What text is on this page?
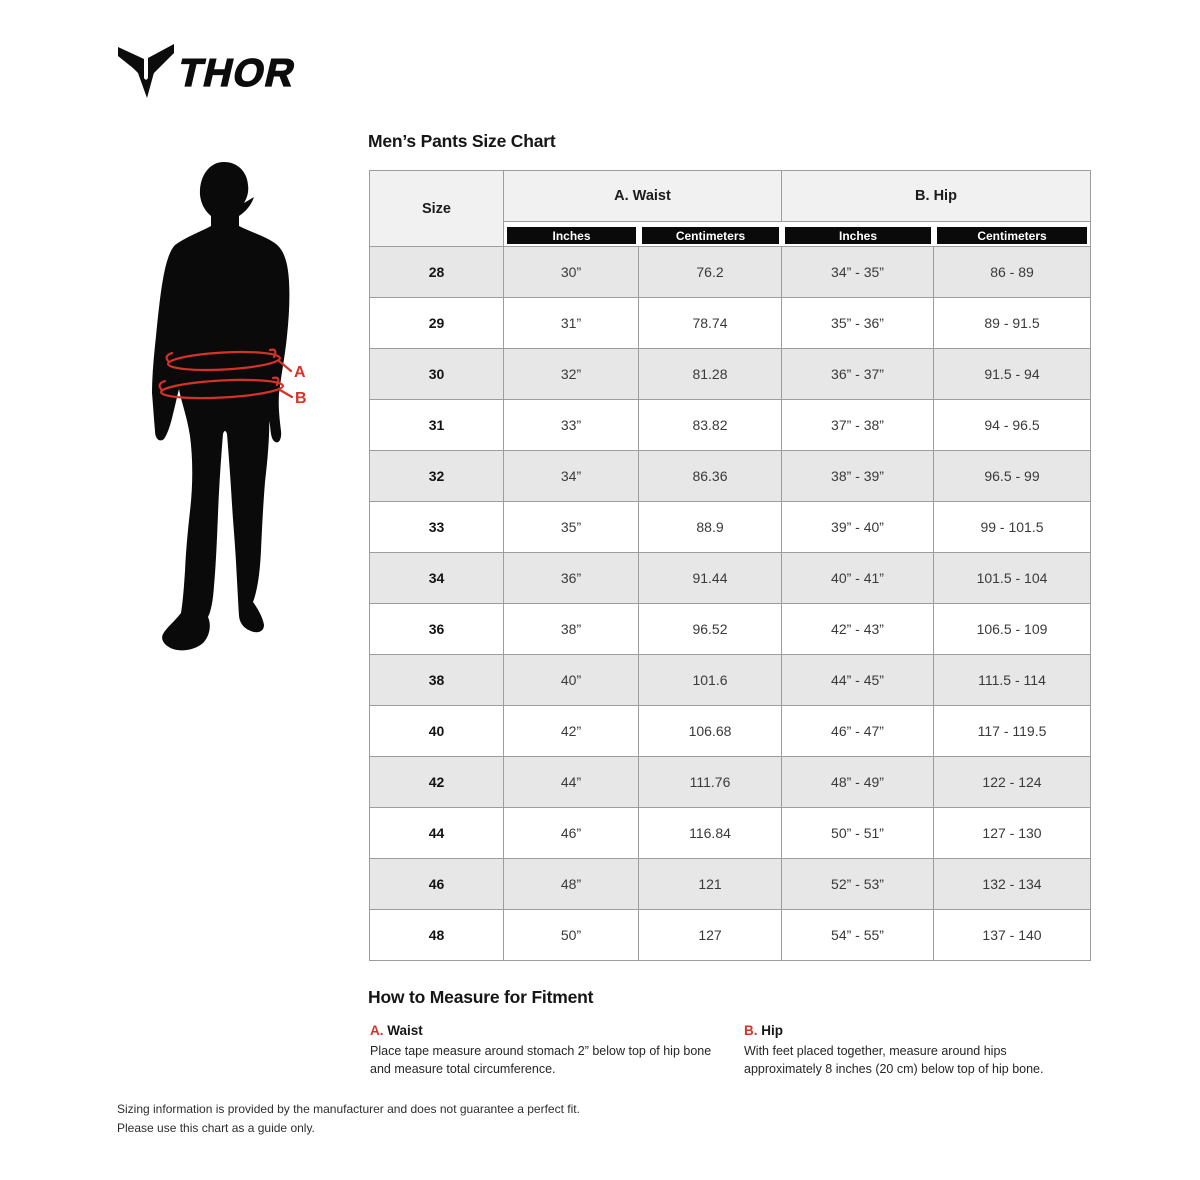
THOR
A
B
Men’s Pants Size Chart
Size
A. Waist	B. Hip
Inches	Centimeters	Inches	Centimeters
28	30”	76.2	34” - 35”	86 - 89
29	31”	78.74	35” - 36”	89 - 91.5
30	32”	81.28	36” - 37”	91.5 - 94
31	33”	83.82	37” - 38”	94 - 96.5
32	34”	86.36	38” - 39”	96.5 - 99
33	35”	88.9	39” - 40”	99 - 101.5
34	36”	91.44	40” - 41”	101.5 - 104
36	38”	96.52	42” - 43”	106.5 - 109
38	40”	101.6	44” - 45”	111.5 - 114
40	42”	106.68	46” - 47”	117 - 119.5
42	44”	111.76	48” - 49”	122 - 124
44	46”	116.84	50” - 51”	127 - 130
46	48”	121	52” - 53”	132 - 134
48	50”	127	54” - 55”	137 - 140
How to Measure for Fitment
A. Waist
Place tape measure around stomach 2” below top of hip bone and measure total circumference.
B. Hip
With feet placed together, measure around hips approximately 8 inches (20 cm) below top of hip bone.
Sizing information is provided by the manufacturer and does not guarantee a perfect fit.
Please use this chart as a guide only.
